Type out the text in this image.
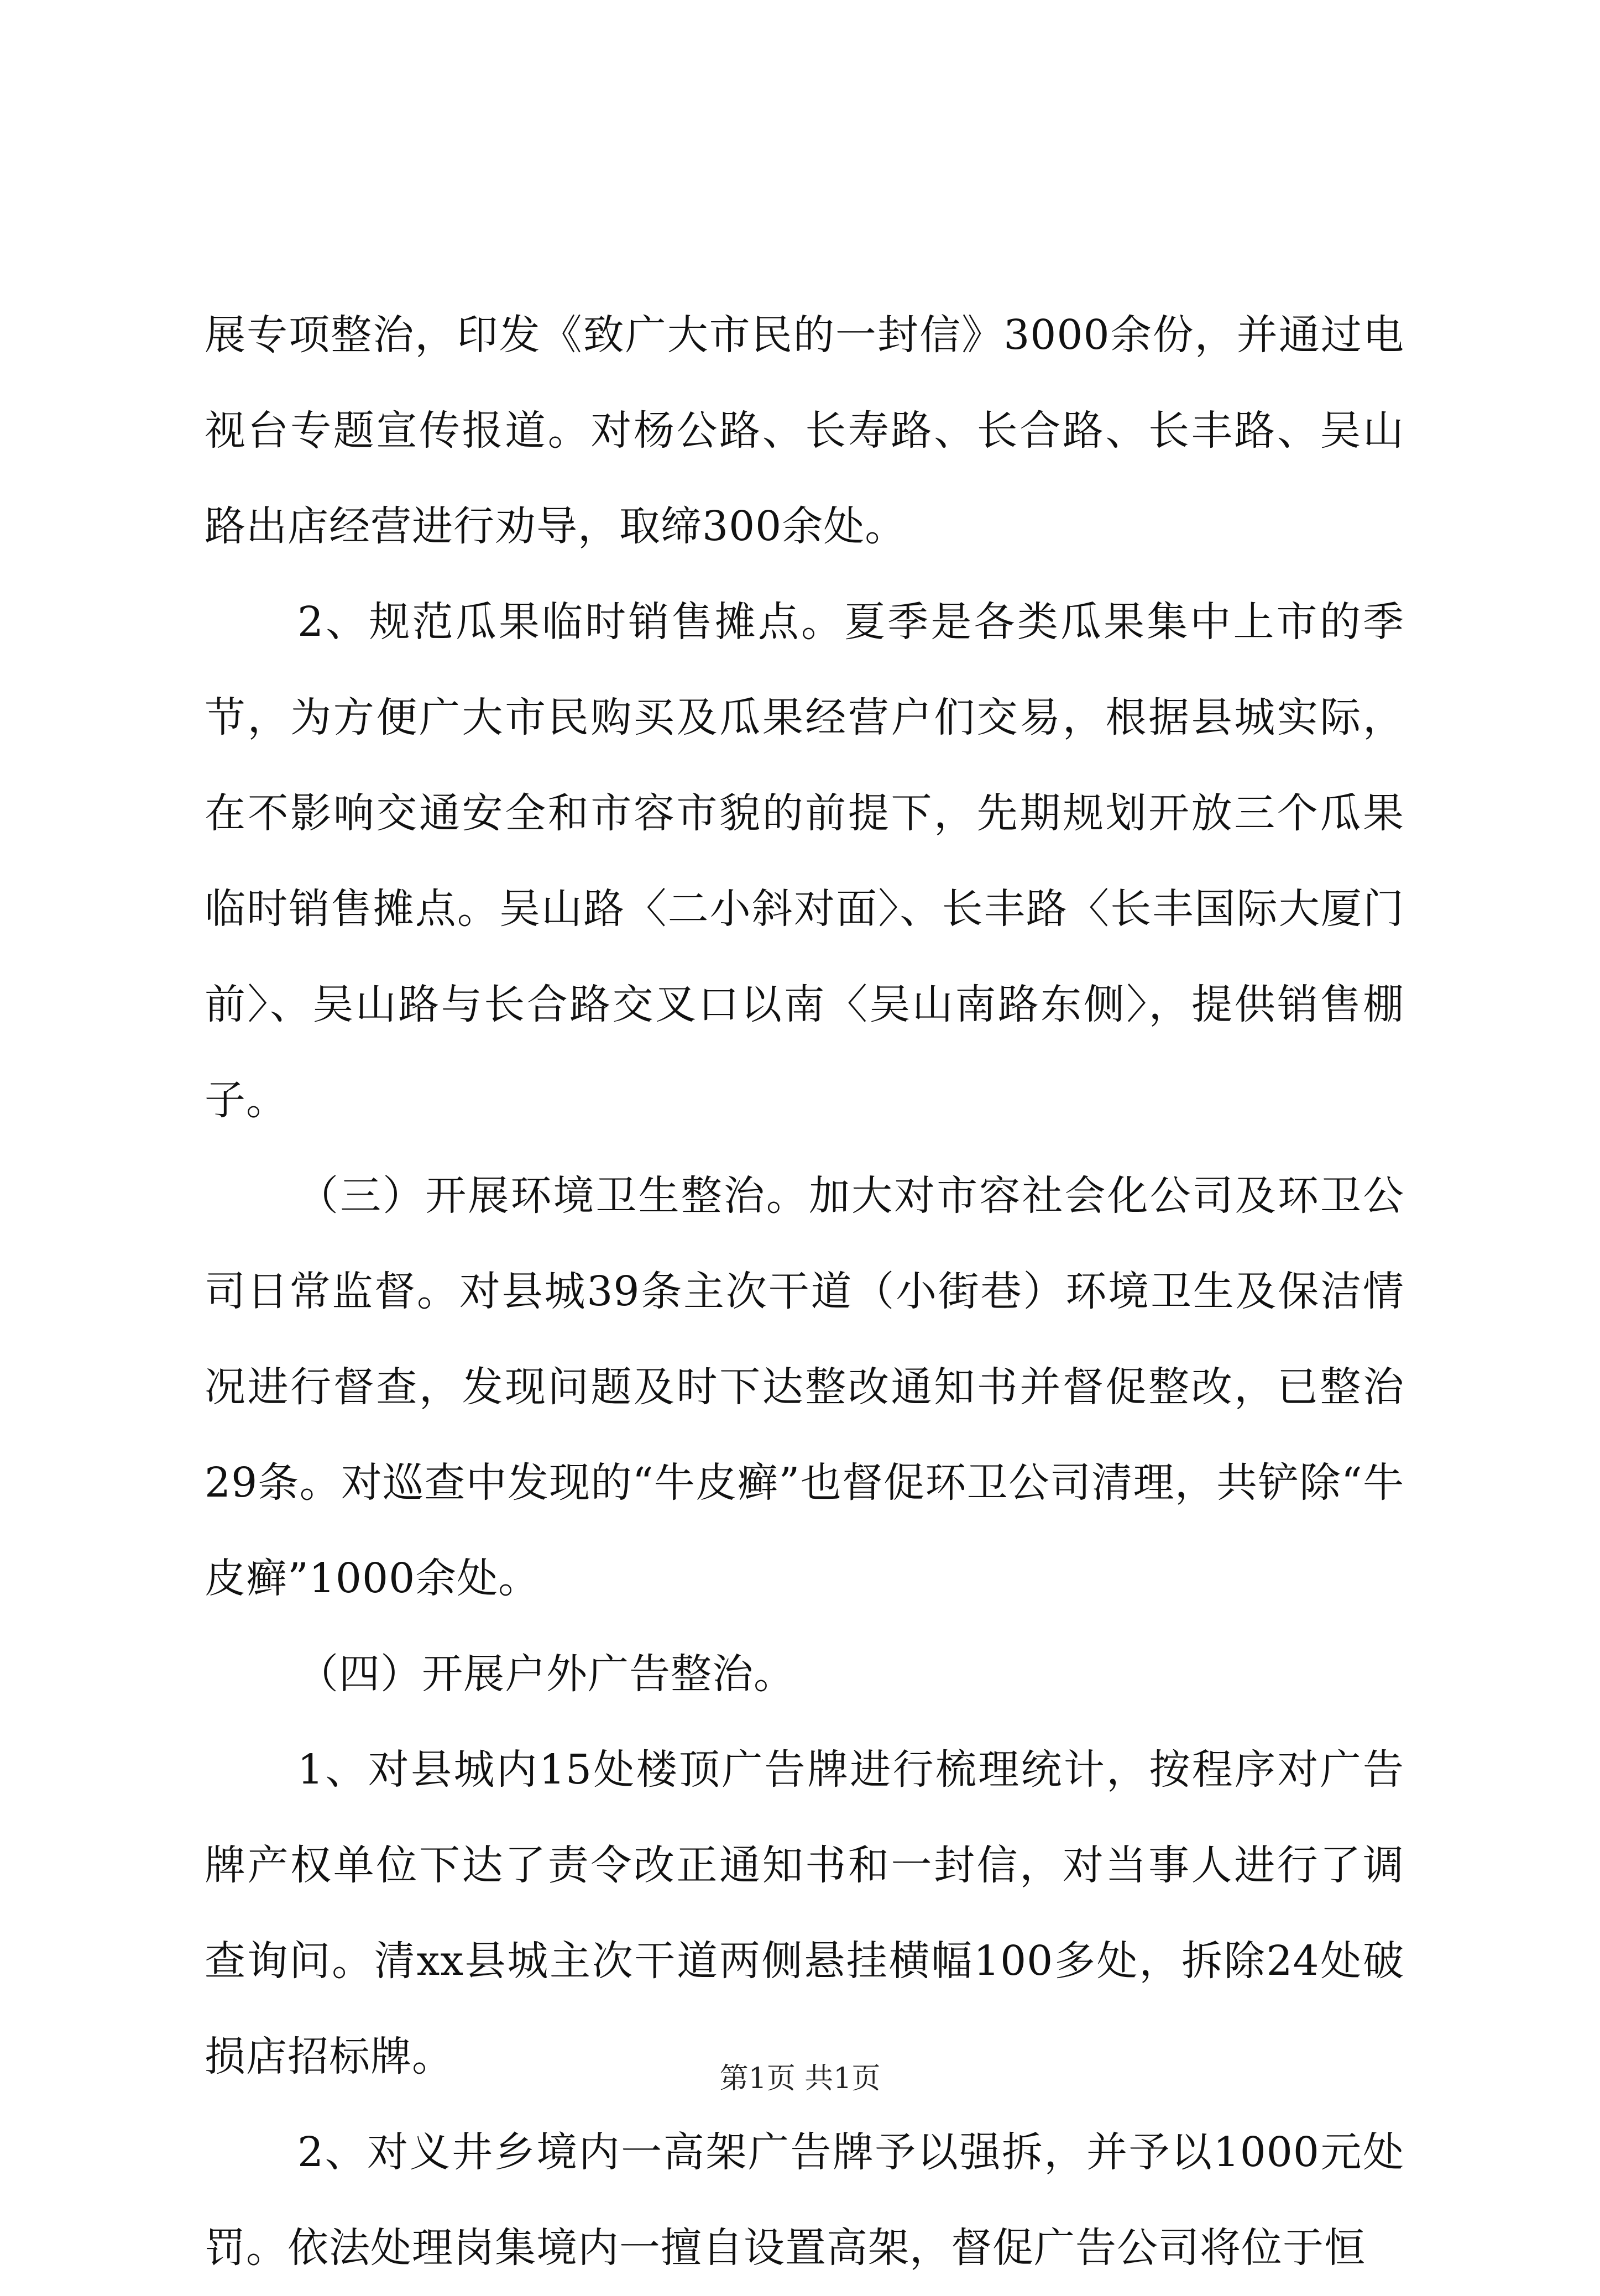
展专项整治，印发《致广大市民的一封信》3000余份，并通过电视台专题宣传报道。对杨公路、长寿路、长合路、长丰路、吴山路出店经营进行劝导，取缔300余处。

2、规范瓜果临时销售摊点。夏季是各类瓜果集中上市的季节，为方便广大市民购买及瓜果经营户们交易，根据县城实际，在不影响交通安全和市容市貌的前提下，先期规划开放三个瓜果临时销售摊点。吴山路〈二小斜对面〉、长丰路〈长丰国际大厦门前〉、吴山路与长合路交叉口以南〈吴山南路东侧〉，提供销售棚子。

（三）开展环境卫生整治。加大对市容社会化公司及环卫公司日常监督。对县城39条主次干道（小街巷）环境卫生及保洁情况进行督查，发现问题及时下达整改通知书并督促整改，已整治29条。对巡查中发现的“牛皮癣”也督促环卫公司清理，共铲除“牛皮癣”1000余处。

（四）开展户外广告整治。

1、对县城内15处楼顶广告牌进行梳理统计，按程序对广告牌产权单位下达了责令改正通知书和一封信，对当事人进行了调查询问。清xx县城主次干道两侧悬挂横幅100多处，拆除24处破损店招标牌。

2、对义井乡境内一高架广告牌予以强拆，并予以1000元处罚。依法处理岗集境内一擅自设置高架，督促广告公司将位于恒

第1页 共1页
